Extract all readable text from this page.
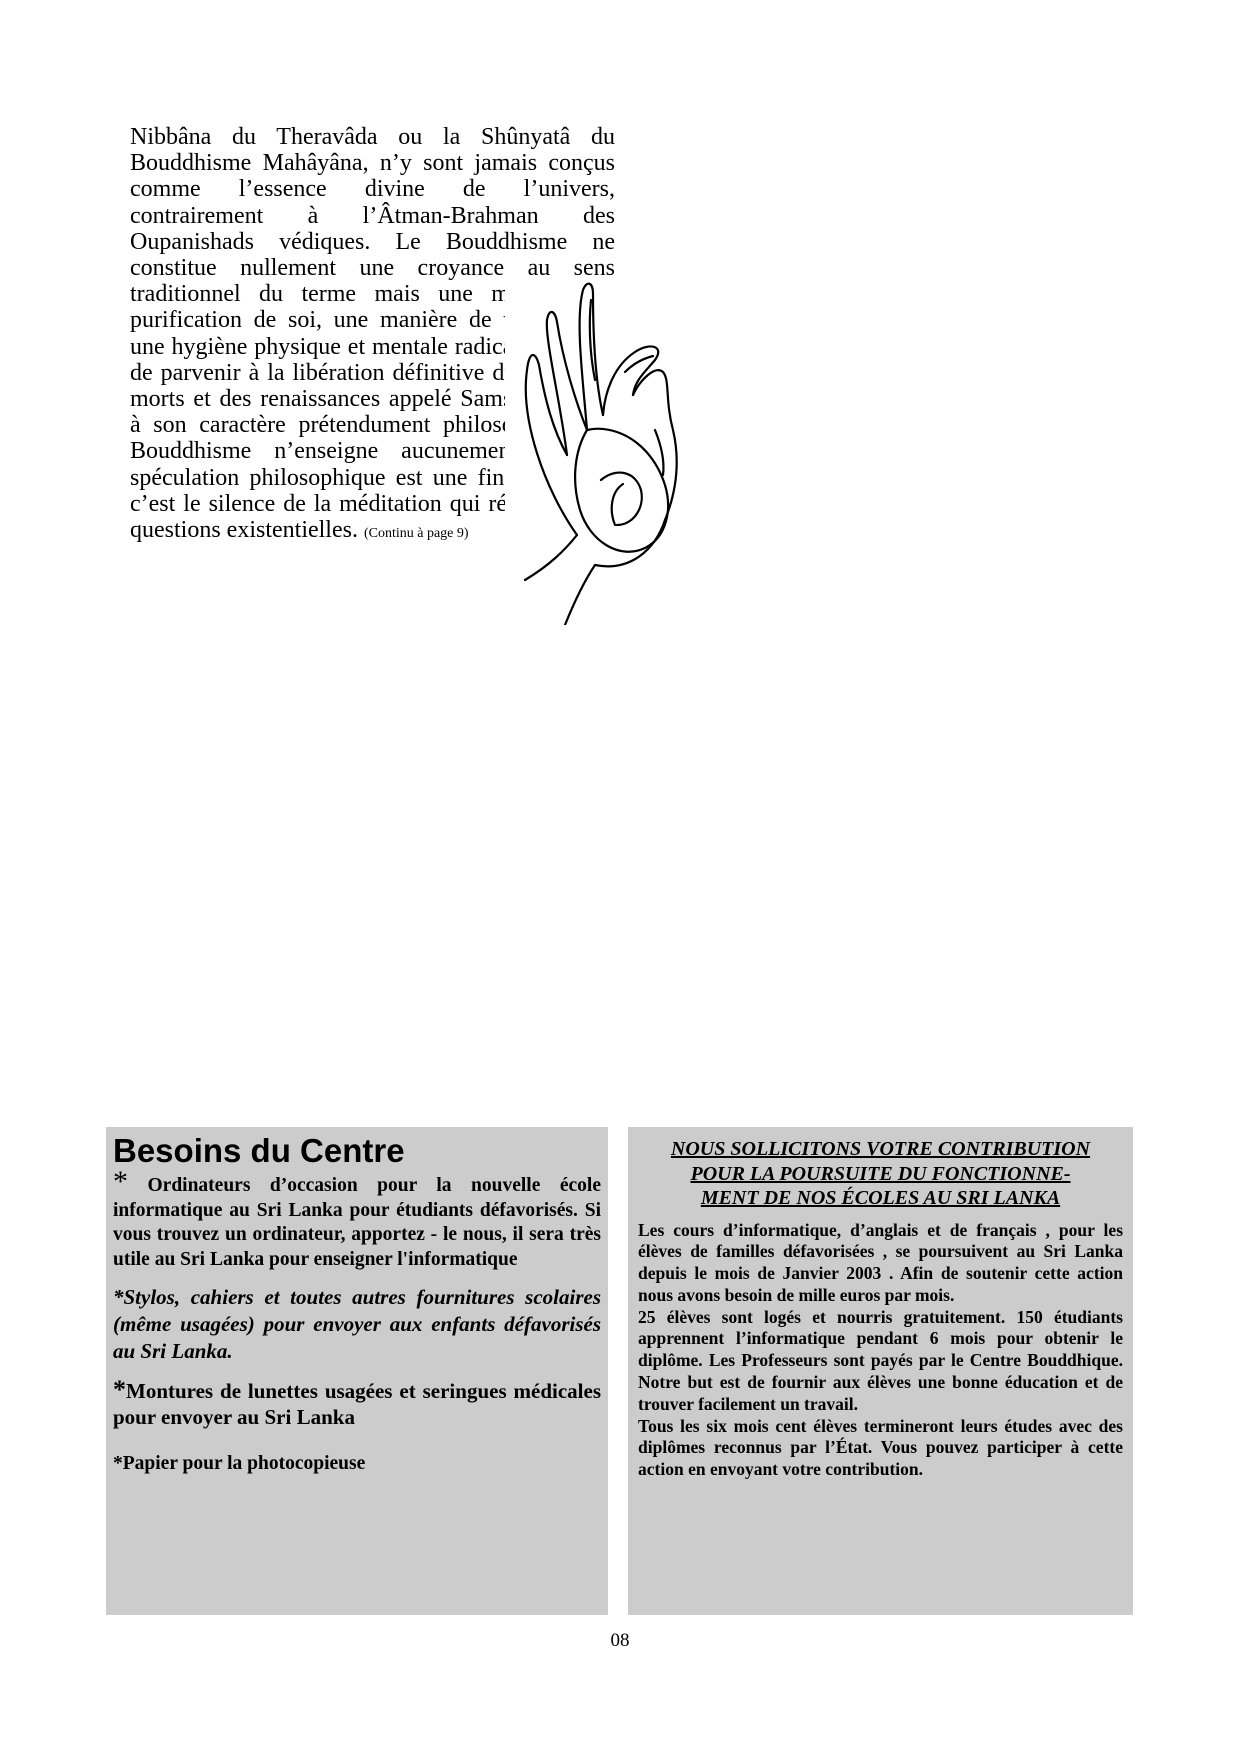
Nibbâna du Theravâda ou la Shûnyatâ du Bouddhisme Mahâyâna, n’y sont jamais conçus comme l’essence divine de l’univers, contrairement à l’Âtman-Brahman des Oupanishads védiques. Le Bouddhisme ne constitue nullement une croyance au sens traditionnel du terme mais une méthode de purification de soi, une manière de vivre selon une hygiène physique et mentale radicale aux fins de parvenir à la libération définitive du cycle des morts et des renaissances appelé Samsâra. Quant à son caractère prétendument philosophique, le Bouddhisme n’enseigne aucunement que la spéculation philosophique est une fin en soi car c’est le silence de la méditation qui répond à nos questions existentielles. (Continu à page 9)

Besoins du Centre

* Ordinateurs d’occasion pour la nouvelle école informatique au Sri Lanka pour étudiants défavorisés. Si vous trouvez un ordinateur, apportez - le nous, il sera très utile au Sri Lanka pour enseigner l'informatique

*Stylos, cahiers et toutes autres fournitures scolaires (même usagées) pour envoyer aux enfants défavorisés au Sri Lanka.

*Montures de lunettes usagées et seringues médicales pour envoyer au Sri Lanka

*Papier pour la photocopieuse

NOUS SOLLICITONS VOTRE CONTRIBUTION
POUR LA POURSUITE DU FONCTIONNE-
MENT DE NOS ÉCOLES AU SRI LANKA

Les cours d’informatique, d’anglais et de français , pour les élèves de familles défavorisées , se poursuivent au Sri Lanka depuis le mois de Janvier 2003 . Afin de soutenir cette action nous avons besoin de mille euros par mois.

25 élèves sont logés et nourris gratuitement. 150 étudiants apprennent l’informatique pendant 6 mois pour obtenir le diplôme. Les Professeurs sont payés par le Centre Bouddhique. Notre but est de fournir aux élèves une bonne éducation et de trouver facilement un travail.

Tous les six mois cent élèves termineront leurs études avec des diplômes reconnus par l’État. Vous pouvez participer à cette action en envoyant votre contribution.

08
